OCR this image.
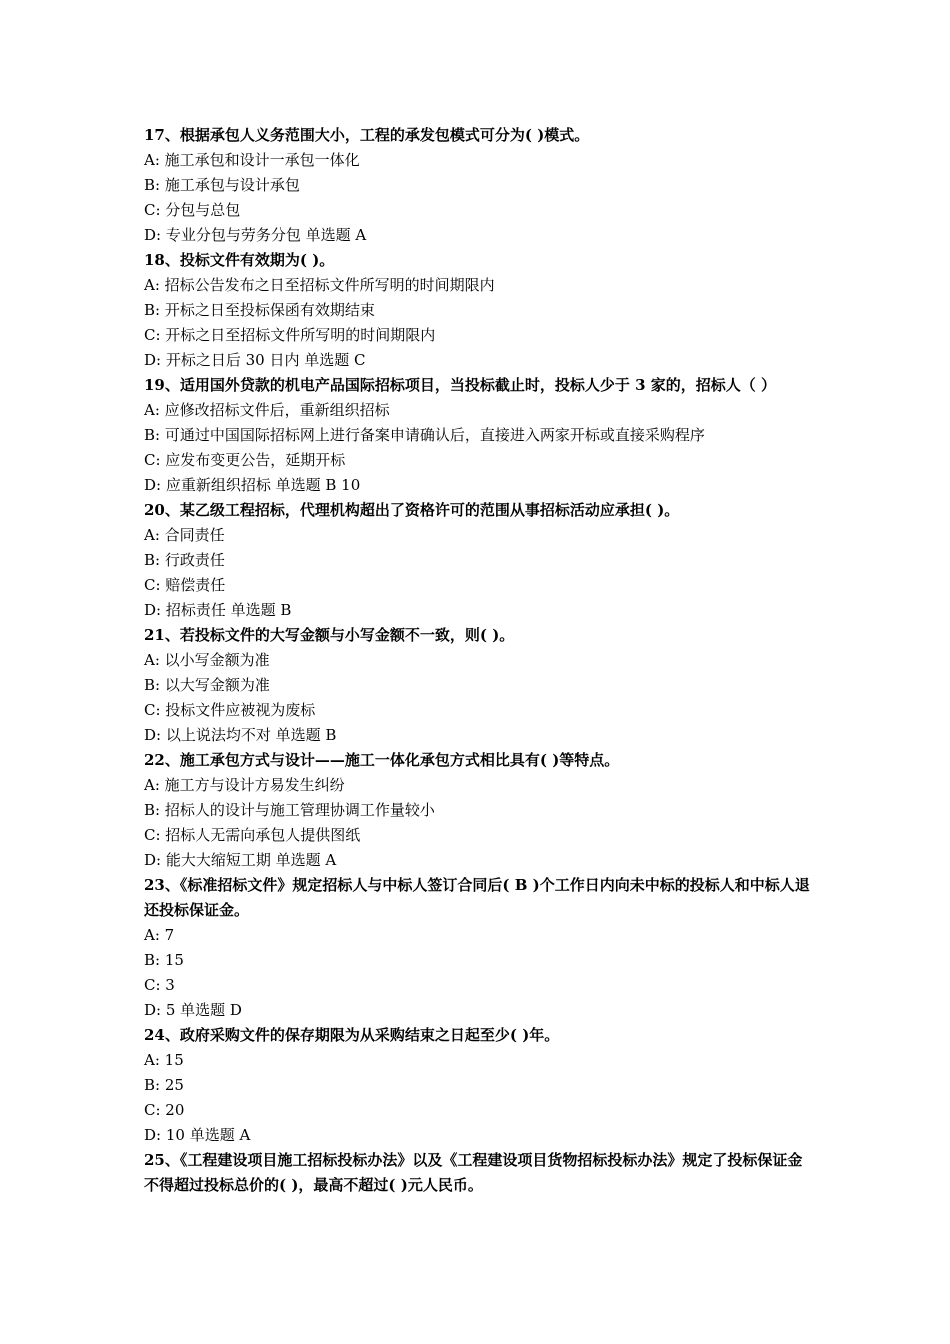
17、根据承包人义务范围大小，工程的承发包模式可分为( )模式。

A: 施工承包和设计一承包一体化

B: 施工承包与设计承包

C: 分包与总包

D: 专业分包与劳务分包 单选题 A

18、投标文件有效期为( )。

A: 招标公告发布之日至招标文件所写明的时间期限内

B: 开标之日至投标保函有效期结束

C: 开标之日至招标文件所写明的时间期限内

D: 开标之日后 30 日内 单选题 C

19、适用国外贷款的机电产品国际招标项目，当投标截止时，投标人少于 3 家的，招标人（ ）

A: 应修改招标文件后，重新组织招标

B: 可通过中国国际招标网上进行备案申请确认后，直接进入两家开标或直接采购程序

C: 应发布变更公告，延期开标

D: 应重新组织招标 单选题 B 10

20、某乙级工程招标，代理机构超出了资格许可的范围从事招标活动应承担( )。

A: 合同责任

B: 行政责任

C: 赔偿责任

D: 招标责任 单选题 B

21、若投标文件的大写金额与小写金额不一致，则( )。

A: 以小写金额为准

B: 以大写金额为准

C: 投标文件应被视为废标

D: 以上说法均不对 单选题 B

22、施工承包方式与设计——施工一体化承包方式相比具有( )等特点。

A: 施工方与设计方易发生纠纷

B: 招标人的设计与施工管理协调工作量较小

C: 招标人无需向承包人提供图纸

D: 能大大缩短工期 单选题 A

23、《标准招标文件》规定招标人与中标人签订合同后( B )个工作日内向未中标的投标人和中标人退还投标保证金。

A: 7

B: 15

C: 3

D: 5 单选题 D

24、政府采购文件的保存期限为从采购结束之日起至少( )年。

A: 15

B: 25

C: 20

D: 10 单选题 A

25、《工程建设项目施工招标投标办法》以及《工程建设项目货物招标投标办法》规定了投标保证金不得超过投标总价的( )，最高不超过( )元人民币。
